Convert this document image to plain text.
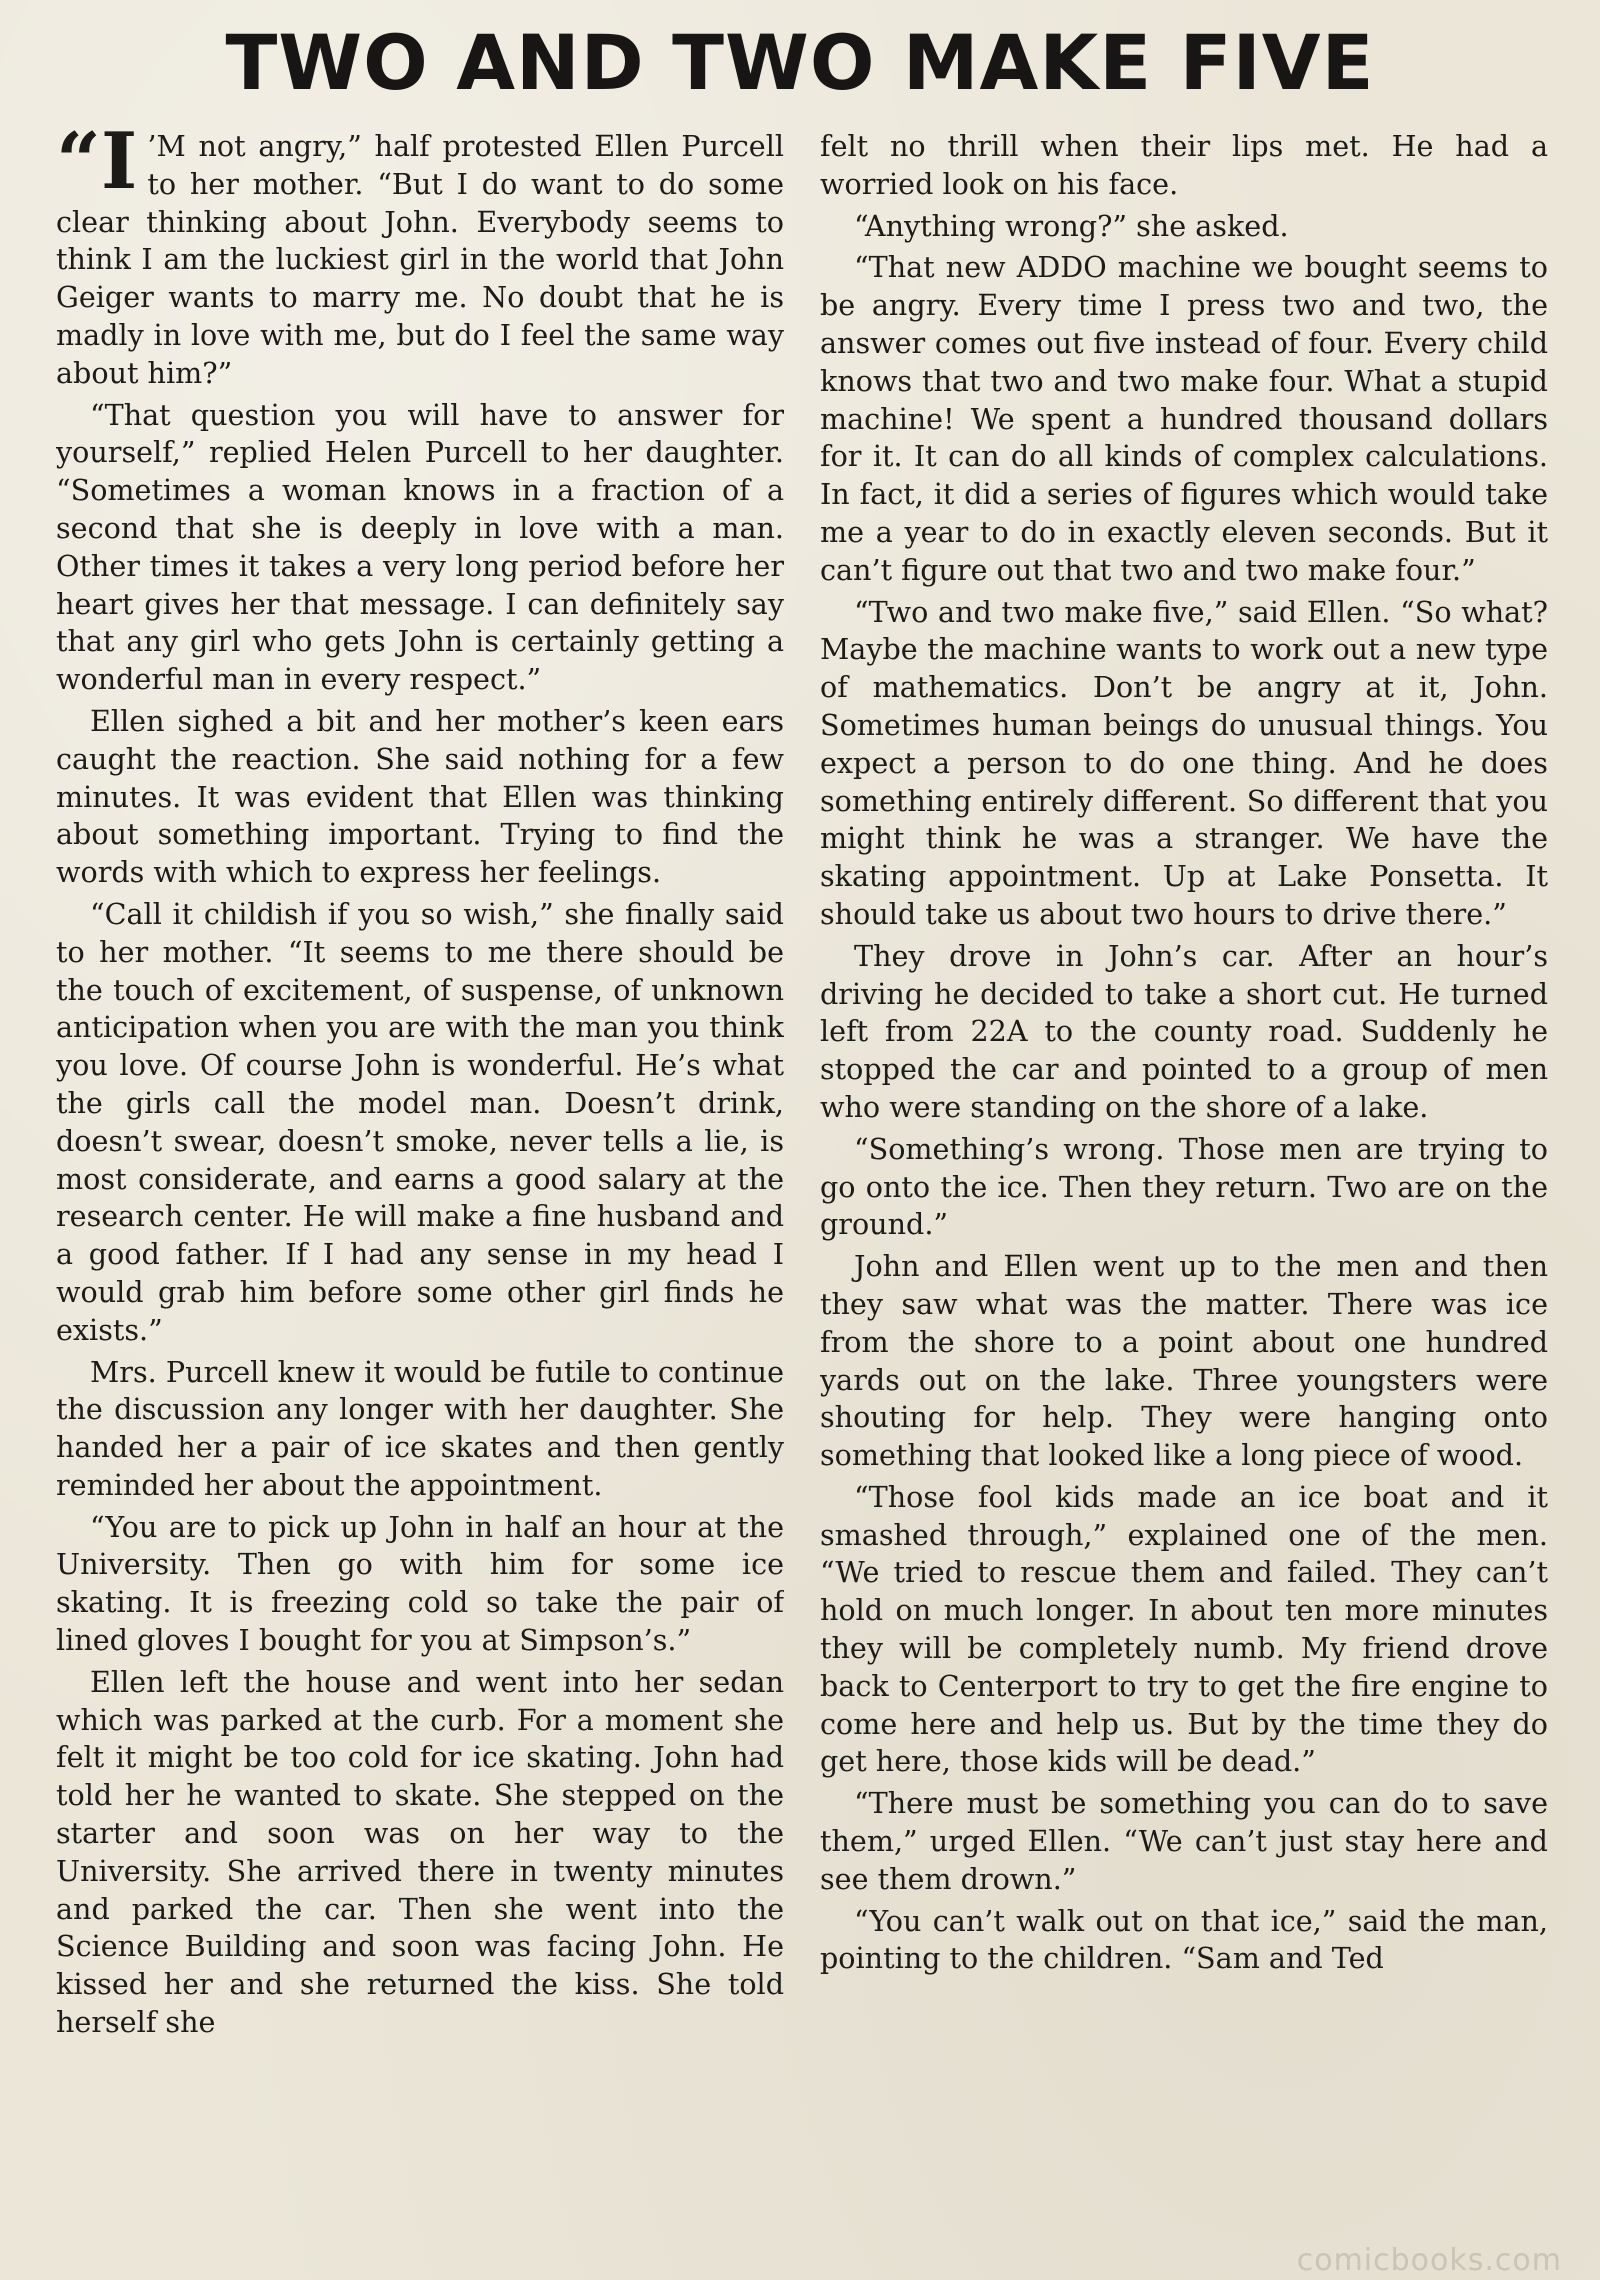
TWO AND TWO MAKE FIVE

“I ’M not angry,” half protested Ellen Purcell to her mother. “But I do want to do some clear thinking about John. Everybody seems to think I am the luckiest girl in the world that John Geiger wants to marry me. No doubt that he is madly in love with me, but do I feel the same way about him?”

“That question you will have to answer for yourself,” replied Helen Purcell to her daughter. “Sometimes a woman knows in a fraction of a second that she is deeply in love with a man. Other times it takes a very long period before her heart gives her that message. I can definitely say that any girl who gets John is certainly getting a wonderful man in every respect.”

Ellen sighed a bit and her mother’s keen ears caught the reaction. She said nothing for a few minutes. It was evident that Ellen was thinking about something important. Trying to find the words with which to express her feelings.

“Call it childish if you so wish,” she finally said to her mother. “It seems to me there should be the touch of excitement, of suspense, of unknown anticipation when you are with the man you think you love. Of course John is wonderful. He’s what the girls call the model man. Doesn’t drink, doesn’t swear, doesn’t smoke, never tells a lie, is most considerate, and earns a good salary at the research center. He will make a fine husband and a good father. If I had any sense in my head I would grab him before some other girl finds he exists.”

Mrs. Purcell knew it would be futile to continue the discussion any longer with her daughter. She handed her a pair of ice skates and then gently reminded her about the appointment.

“You are to pick up John in half an hour at the University. Then go with him for some ice skating. It is freezing cold so take the pair of lined gloves I bought for you at Simpson’s.”

Ellen left the house and went into her sedan which was parked at the curb. For a moment she felt it might be too cold for ice skating. John had told her he wanted to skate. She stepped on the starter and soon was on her way to the University. She arrived there in twenty minutes and parked the car. Then she went into the Science Building and soon was facing John. He kissed her and she returned the kiss. She told herself she

felt no thrill when their lips met. He had a worried look on his face.

“Anything wrong?” she asked.

“That new ADDO machine we bought seems to be angry. Every time I press two and two, the answer comes out five instead of four. Every child knows that two and two make four. What a stupid machine! We spent a hundred thousand dollars for it. It can do all kinds of complex calculations. In fact, it did a series of figures which would take me a year to do in exactly eleven seconds. But it can’t figure out that two and two make four.”

“Two and two make five,” said Ellen. “So what? Maybe the machine wants to work out a new type of mathematics. Don’t be angry at it, John. Sometimes human beings do unusual things. You expect a person to do one thing. And he does something entirely different. So different that you might think he was a stranger. We have the skating appointment. Up at Lake Ponsetta. It should take us about two hours to drive there.”

They drove in John’s car. After an hour’s driving he decided to take a short cut. He turned left from 22A to the county road. Suddenly he stopped the car and pointed to a group of men who were standing on the shore of a lake.

“Something’s wrong. Those men are trying to go onto the ice. Then they return. Two are on the ground.”

John and Ellen went up to the men and then they saw what was the matter. There was ice from the shore to a point about one hundred yards out on the lake. Three youngsters were shouting for help. They were hanging onto something that looked like a long piece of wood.

“Those fool kids made an ice boat and it smashed through,” explained one of the men. “We tried to rescue them and failed. They can’t hold on much longer. In about ten more minutes they will be completely numb. My friend drove back to Centerport to try to get the fire engine to come here and help us. But by the time they do get here, those kids will be dead.”

“There must be something you can do to save them,” urged Ellen. “We can’t just stay here and see them drown.”

“You can’t walk out on that ice,” said the man, pointing to the children. “Sam and Ted

comicbooks.com
